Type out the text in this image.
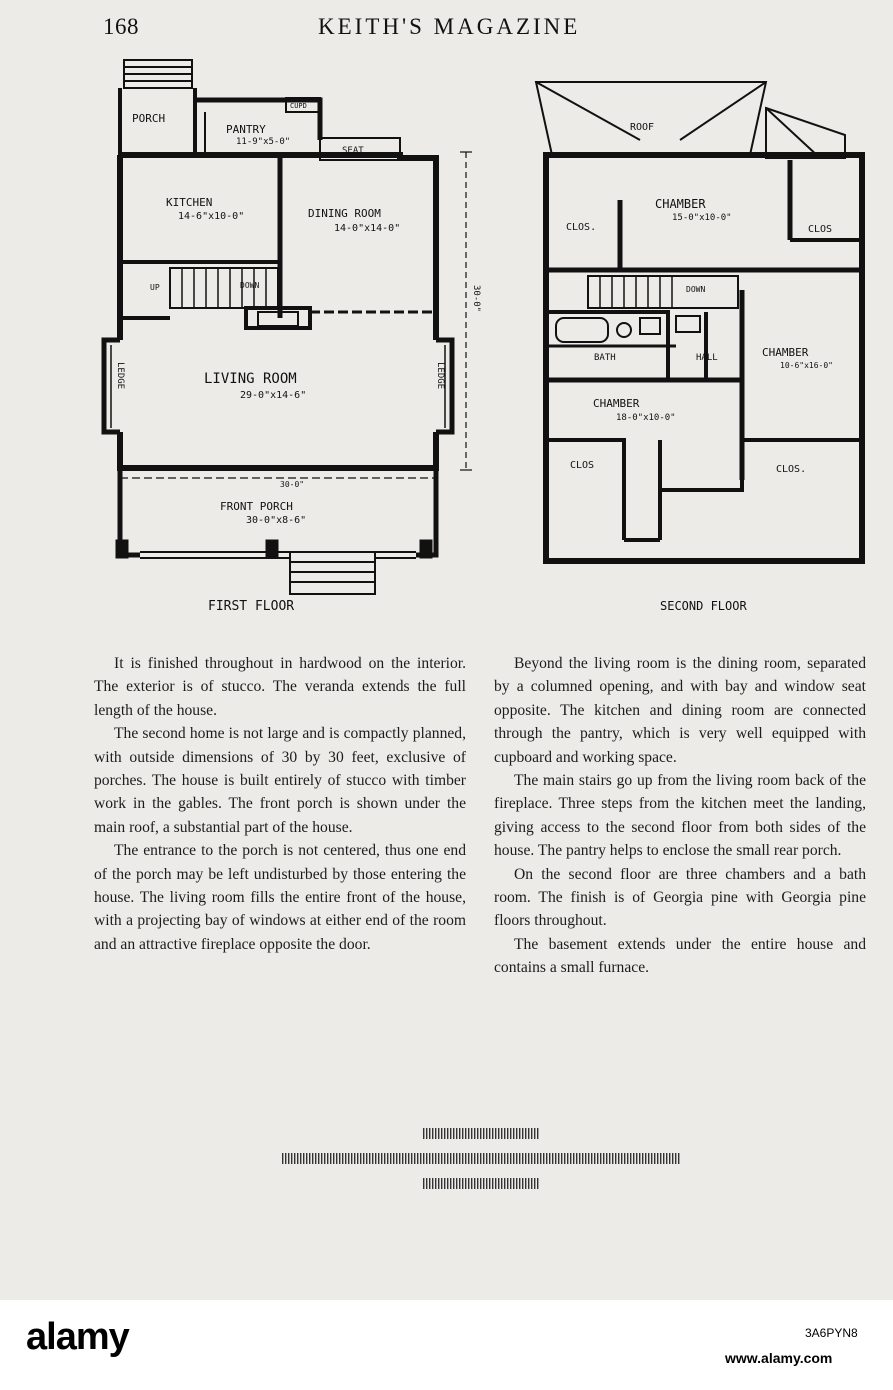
168	KEITH'S MAGAZINE
PORCH
CUPD
PANTRY
11-9"x5-0"
SEAT
KITCHEN
14-6"x10-0"	DINING ROOM
14-0"x14-0"
UP	DOWN
LIVING ROOM
29-0"x14-6"
LEDGE	LEDGE
30-0"
30-0"
FRONT PORCH
30-0"x8-6"
FIRST FLOOR
ROOF
CLOS.
CHAMBER
15-0"x10-0"
CLOS
DOWN
BATH	HALL	CHAMBER
10-6"x16-0"
CHAMBER
18-0"x10-0"
CLOS	CLOS.
SECOND FLOOR

It is finished throughout in hardwood on the interior. The exterior is of stucco. The veranda extends the full length of the house.

The second home is not large and is compactly planned, with outside dimensions of 30 by 30 feet, exclusive of porches. The house is built entirely of stucco with timber work in the gables. The front porch is shown under the main roof, a substantial part of the house.

The entrance to the porch is not centered, thus one end of the porch may be left undisturbed by those entering the house. The living room fills the entire front of the house, with a projecting bay of windows at either end of the room and an attractive fireplace opposite the door.

Beyond the living room is the dining room, separated by a columned opening, and with bay and window seat opposite. The kitchen and dining room are connected through the pantry, which is very well equipped with cupboard and working space.

The main stairs go up from the living room back of the fireplace. Three steps from the kitchen meet the landing, giving access to the second floor from both sides of the house. The pantry helps to enclose the small rear porch.

On the second floor are three chambers and a bath room. The finish is of Georgia pine with Georgia pine floors throughout.

The basement extends under the entire house and contains a small furnace.

alamy	3A6PYN8
www.alamy.com
